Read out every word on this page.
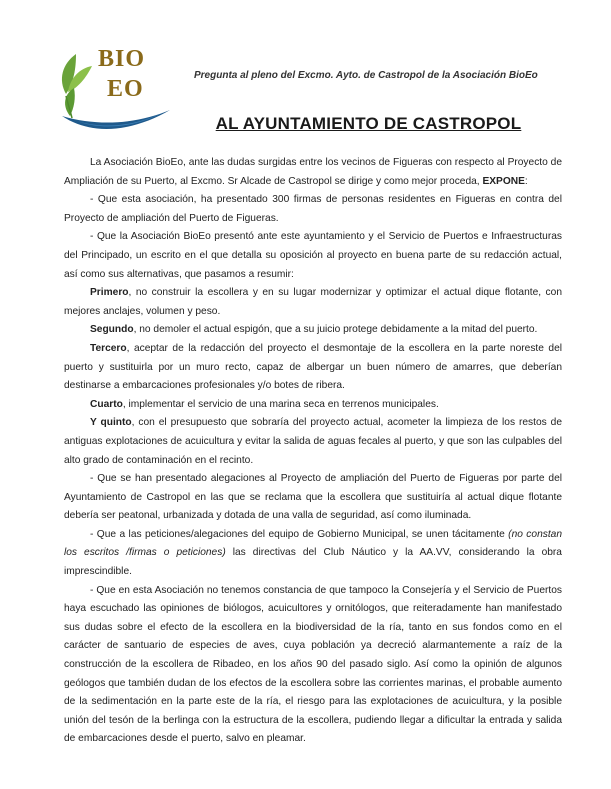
BIO
EO
Pregunta al pleno del Excmo. Ayto. de Castropol de la Asociación BioEo
AL AYUNTAMIENTO DE CASTROPOL

La Asociación BioEo, ante las dudas surgidas entre los vecinos de Figueras con respecto al Proyecto de Ampliación de su Puerto, al Excmo. Sr Alcade de Castropol se dirige y como mejor proceda, EXPONE:

- Que esta asociación, ha presentado 300 firmas de personas residentes en Figueras en contra del Proyecto de ampliación del Puerto de Figueras.

- Que la Asociación BioEo presentó ante este ayuntamiento y el Servicio de Puertos e Infraestructuras del Principado, un escrito en el que detalla su oposición al proyecto en buena parte de su redacción actual, así como sus alternativas, que pasamos a resumir:

Primero, no construir la escollera y en su lugar modernizar y optimizar el actual dique flotante, con mejores anclajes, volumen y peso.

Segundo, no demoler el actual espigón, que a su juicio protege debidamente a la mitad del puerto.

Tercero, aceptar de la redacción del proyecto el desmontaje de la escollera en la parte noreste del puerto y sustituirla por un muro recto, capaz de albergar un buen número de amarres, que deberían destinarse a embarcaciones profesionales y/o botes de ribera.

Cuarto, implementar el servicio de una marina seca en terrenos municipales.

Y quinto, con el presupuesto que sobraría del proyecto actual, acometer la limpieza de los restos de antiguas explotaciones de acuicultura y evitar la salida de aguas fecales al puerto, y que son las culpables del alto grado de contaminación en el recinto.

- Que se han presentado alegaciones al Proyecto de ampliación del Puerto de Figueras por parte del Ayuntamiento de Castropol en las que se reclama que la escollera que sustituiría al actual dique flotante debería ser peatonal, urbanizada y dotada de una valla de seguridad, así como iluminada.

- Que a las peticiones/alegaciones del equipo de Gobierno Municipal, se unen tácitamente (no constan los escritos /firmas o peticiones) las directivas del Club Náutico y la AA.VV, considerando la obra imprescindible.

- Que en esta Asociación no tenemos constancia de que tampoco la Consejería y el Servicio de Puertos haya escuchado las opiniones de biólogos, acuicultores y ornitólogos, que reiteradamente han manifestado sus dudas sobre el efecto de la escollera en la biodiversidad de la ría, tanto en sus fondos como en el carácter de santuario de especies de aves, cuya población ya decreció alarmantemente a raíz de la construcción de la escollera de Ribadeo, en los años 90 del pasado siglo. Así como la opinión de algunos geólogos que también dudan de los efectos de la escollera sobre las corrientes marinas, el probable aumento de la sedimentación en la parte este de la ría, el riesgo para las explotaciones de acuicultura, y la posible unión del tesón de la berlinga con la estructura de la escollera, pudiendo llegar a dificultar la entrada y salida de embarcaciones desde el puerto, salvo en pleamar.
